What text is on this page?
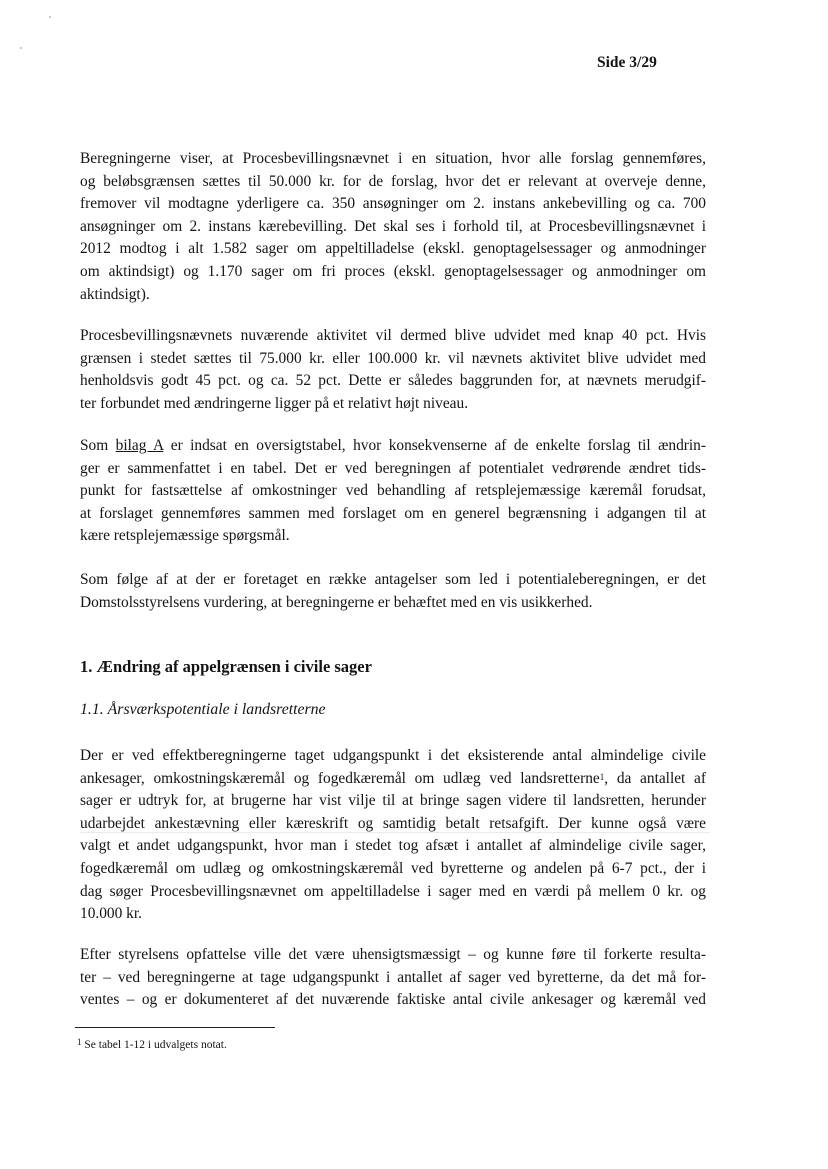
Side 3/29
Beregningerne viser, at Procesbevillingsnævnet i en situation, hvor alle forslag gennemføres,
og beløbsgrænsen sættes til 50.000 kr. for de forslag, hvor det er relevant at overveje denne,
fremover vil modtagne yderligere ca. 350 ansøgninger om 2. instans ankebevilling og ca. 700
ansøgninger om 2. instans kærebevilling. Det skal ses i forhold til, at Procesbevillingsnævnet i
2012 modtog i alt 1.582 sager om appeltilladelse (ekskl. genoptagelsessager og anmodninger
om aktindsigt) og 1.170 sager om fri proces (ekskl. genoptagelsessager og anmodninger om
aktindsigt).
Procesbevillingsnævnets nuværende aktivitet vil dermed blive udvidet med knap 40 pct. Hvis
grænsen i stedet sættes til 75.000 kr. eller 100.000 kr. vil nævnets aktivitet blive udvidet med
henholdsvis godt 45 pct. og ca. 52 pct. Dette er således baggrunden for, at nævnets merudgif-
ter forbundet med ændringerne ligger på et relativt højt niveau.
Som bilag A er indsat en oversigtstabel, hvor konsekvenserne af de enkelte forslag til ændrin-
ger er sammenfattet i en tabel. Det er ved beregningen af potentialet vedrørende ændret tids-
punkt for fastsættelse af omkostninger ved behandling af retsplejemæssige kæremål forudsat,
at forslaget gennemføres sammen med forslaget om en generel begrænsning i adgangen til at
kære retsplejemæssige spørgsmål.
Som følge af at der er foretaget en række antagelser som led i potentialeberegningen, er det
Domstolsstyrelsens vurdering, at beregningerne er behæftet med en vis usikkerhed.
1. Ændring af appelgrænsen i civile sager
1.1. Årsværkspotentiale i landsretterne
Der er ved effektberegningerne taget udgangspunkt i det eksisterende antal almindelige civile
ankesager, omkostningskæremål og fogedkæremål om udlæg ved landsretterne$^1$, da antallet af
sager er udtryk for, at brugerne har vist vilje til at bringe sagen videre til landsretten, herunder
udarbejdet ankestævning eller kæreskrift og samtidig betalt retsafgift. Der kunne også være
valgt et andet udgangspunkt, hvor man i stedet tog afsæt i antallet af almindelige civile sager,
fogedkæremål om udlæg og omkostningskæremål ved byretterne og andelen på 6-7 pct., der i
dag søger Procesbevillingsnævnet om appeltilladelse i sager med en værdi på mellem 0 kr. og
10.000 kr.
Efter styrelsens opfattelse ville det være uhensigtsmæssigt – og kunne føre til forkerte resulta-
ter – ved beregningerne at tage udgangspunkt i antallet af sager ved byretterne, da det må for-
ventes – og er dokumenteret af det nuværende faktiske antal civile ankesager og kæremål ved
$^1$ Se tabel 1-12 i udvalgets notat.
